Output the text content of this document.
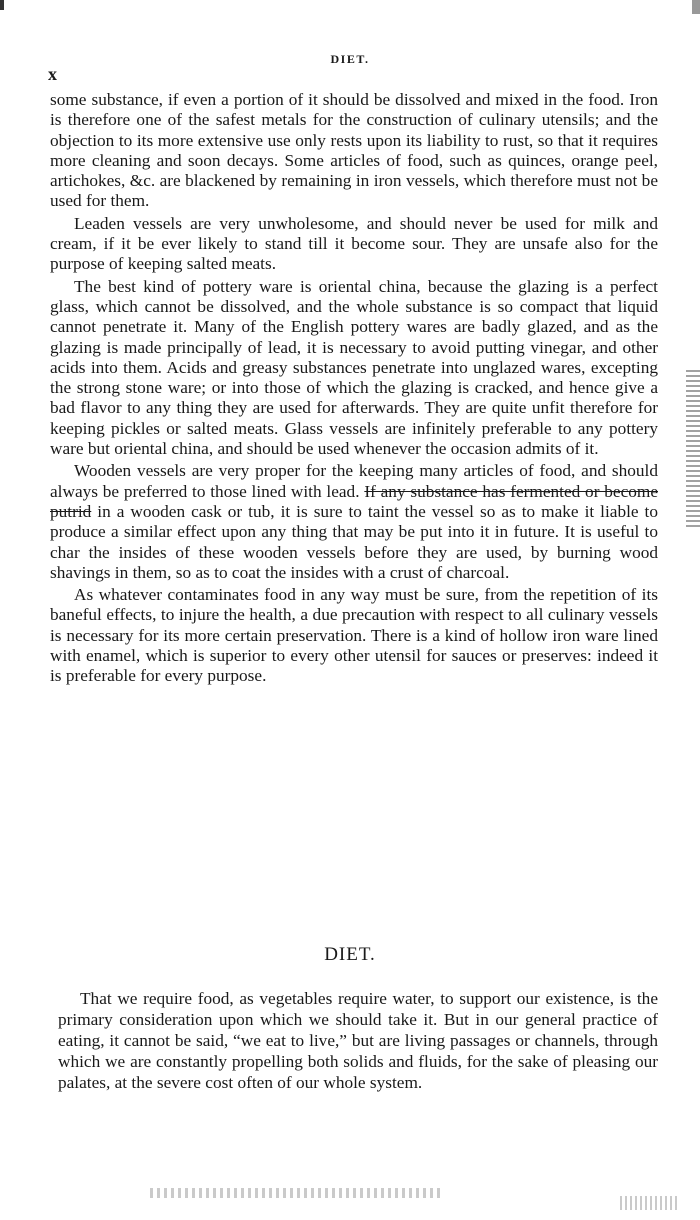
DIET.
x

some substance, if even a portion of it should be dissolved and mixed in the food. Iron is therefore one of the safest metals for the construction of culinary utensils; and the objection to its more extensive use only rests upon its liability to rust, so that it requires more cleaning and soon decays. Some articles of food, such as quinces, orange peel, artichokes, &c. are blackened by remaining in iron vessels, which therefore must not be used for them.

Leaden vessels are very unwholesome, and should never be used for milk and cream, if it be ever likely to stand till it become sour. They are unsafe also for the purpose of keeping salted meats.

The best kind of pottery ware is oriental china, because the glazing is a perfect glass, which cannot be dissolved, and the whole substance is so compact that liquid cannot penetrate it. Many of the English pottery wares are badly glazed, and as the glazing is made principally of lead, it is necessary to avoid putting vinegar, and other acids into them. Acids and greasy substances penetrate into unglazed wares, excepting the strong stone ware; or into those of which the glazing is cracked, and hence give a bad flavor to any thing they are used for afterwards. They are quite unfit therefore for keeping pickles or salted meats. Glass vessels are infinitely preferable to any pottery ware but oriental china, and should be used whenever the occasion admits of it.

Wooden vessels are very proper for the keeping many articles of food, and should always be preferred to those lined with lead. If any substance has fermented or become putrid in a wooden cask or tub, it is sure to taint the vessel so as to make it liable to produce a similar effect upon any thing that may be put into it in future. It is useful to char the insides of these wooden vessels before they are used, by burning wood shavings in them, so as to coat the insides with a crust of charcoal.

As whatever contaminates food in any way must be sure, from the repetition of its baneful effects, to injure the health, a due precaution with respect to all culinary vessels is necessary for its more certain preservation. There is a kind of hollow iron ware lined with enamel, which is superior to every other utensil for sauces or preserves: indeed it is preferable for every purpose.

DIET.

That we require food, as vegetables require water, to support our existence, is the primary consideration upon which we should take it. But in our general practice of eating, it cannot be said, “we eat to live,” but are living passages or channels, through which we are constantly propelling both solids and fluids, for the sake of pleasing our palates, at the severe cost often of our whole system.
